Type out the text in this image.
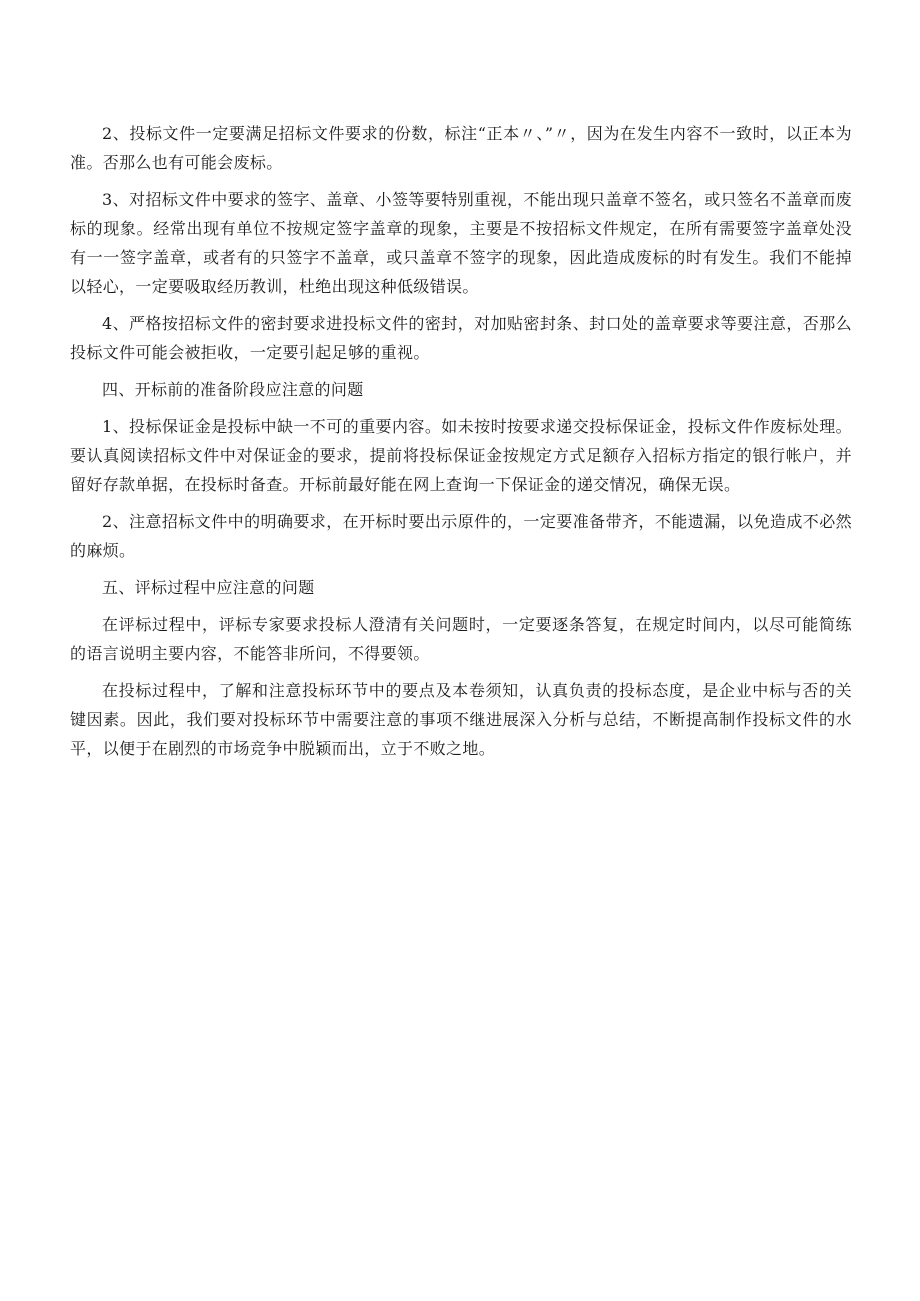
2、投标文件一定要满足招标文件要求的份数，标注“正本〃、”〃，因为在发生内容不一致时，以正本为准。否那么也有可能会废标。

3、对招标文件中要求的签字、盖章、小签等要特别重视，不能出现只盖章不签名，或只签名不盖章而废标的现象。经常出现有单位不按规定签字盖章的现象，主要是不按招标文件规定，在所有需要签字盖章处没有一一签字盖章，或者有的只签字不盖章，或只盖章不签字的现象，因此造成废标的时有发生。我们不能掉以轻心，一定要吸取经历教训，杜绝出现这种低级错误。

4、严格按招标文件的密封要求进投标文件的密封，对加贴密封条、封口处的盖章要求等要注意，否那么投标文件可能会被拒收，一定要引起足够的重视。

四、开标前的准备阶段应注意的问题

1、投标保证金是投标中缺一不可的重要内容。如未按时按要求递交投标保证金，投标文件作废标处理。要认真阅读招标文件中对保证金的要求，提前将投标保证金按规定方式足额存入招标方指定的银行帐户，并留好存款单据，在投标时备查。开标前最好能在网上查询一下保证金的递交情况，确保无误。

2、注意招标文件中的明确要求，在开标时要出示原件的，一定要准备带齐，不能遗漏，以免造成不必然的麻烦。

五、评标过程中应注意的问题

在评标过程中，评标专家要求投标人澄清有关问题时，一定要逐条答复，在规定时间内，以尽可能简练的语言说明主要内容，不能答非所问，不得要领。

在投标过程中，了解和注意投标环节中的要点及本卷须知，认真负责的投标态度，是企业中标与否的关键因素。因此，我们要对投标环节中需要注意的事项不继进展深入分析与总结，不断提高制作投标文件的水平，以便于在剧烈的市场竞争中脱颖而出，立于不败之地。
